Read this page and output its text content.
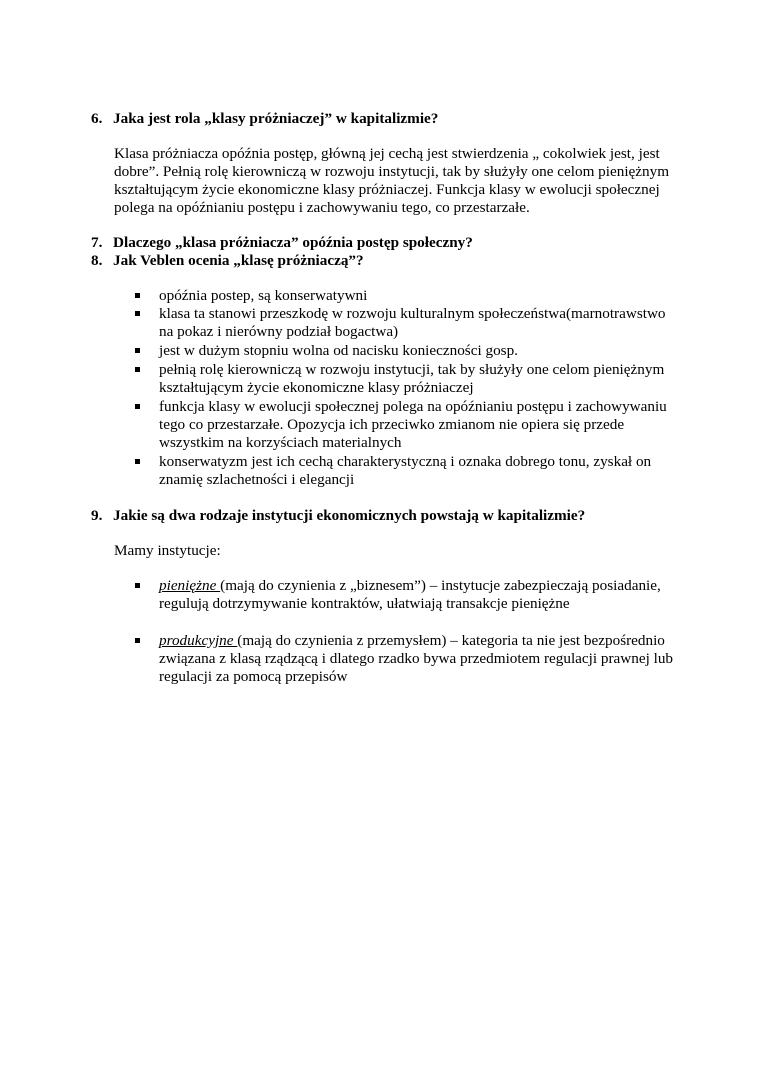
6. Jaka jest rola „klasy próżniaczej” w kapitalizmie?
Klasa próżniacza opóźnia postęp, główną jej cechą jest stwierdzenia „ cokolwiek jest, jest dobre”. Pełnią rolę kierowniczą w rozwoju instytucji, tak by służyły one celom pieniężnym kształtującym życie ekonomiczne klasy próżniaczej. Funkcja klasy w ewolucji społecznej polega na opóźnianiu postępu i zachowywaniu tego, co przestarzałe.
7. Dlaczego „klasa próżniacza” opóźnia postęp społeczny?
8. Jak Veblen ocenia „klasę próżniaczą”?
opóźnia postep, są konserwatywni
klasa ta stanowi przeszkodę w rozwoju kulturalnym społeczeństwa(marnotrawstwo na pokaz i nierówny podział bogactwa)
jest w dużym stopniu wolna od nacisku konieczności gosp.
pełnią rolę kierowniczą w rozwoju instytucji, tak by służyły one celom pieniężnym kształtującym życie ekonomiczne klasy próżniaczej
funkcja klasy w ewolucji społecznej polega na opóźnianiu postępu i zachowywaniu tego co przestarzałe. Opozycja ich przeciwko zmianom nie opiera się przede wszystkim na korzyściach materialnych
konserwatyzm jest ich cechą charakterystyczną i oznaka dobrego tonu, zyskał on znamię szlachetności i elegancji
9. Jakie są dwa rodzaje instytucji ekonomicznych powstają w kapitalizmie?
Mamy instytucje:
pieniężne (mają do czynienia z „biznesem”) – instytucje zabezpieczają posiadanie, regulują dotrzymywanie kontraktów, ułatwiają transakcje pieniężne
produkcyjne (mają do czynienia z przemysłem) – kategoria ta nie jest bezpośrednio związana z klasą rządzącą i dlatego rzadko bywa przedmiotem regulacji prawnej lub regulacji za pomocą przepisów
